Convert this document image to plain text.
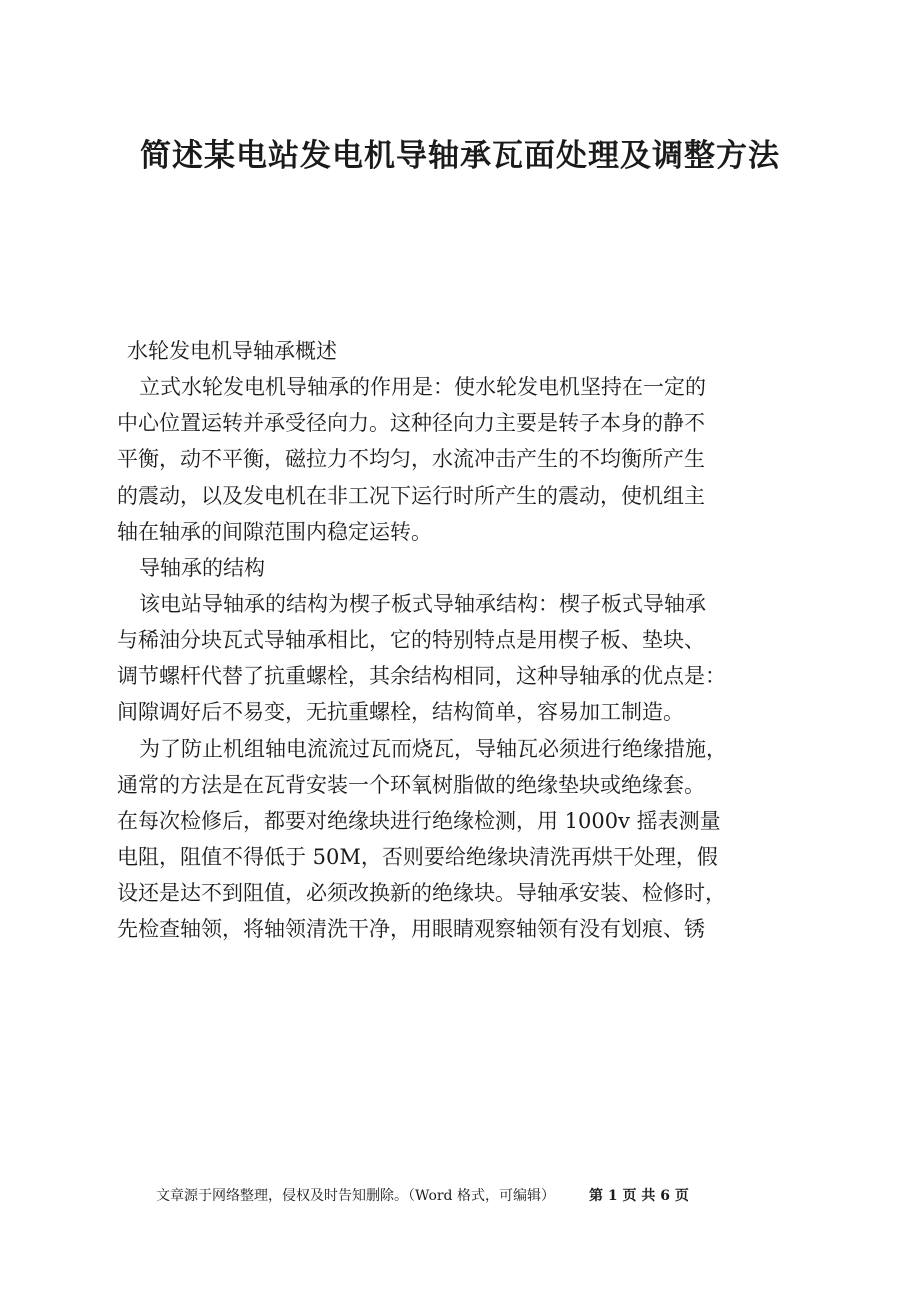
简述某电站发电机导轴承瓦面处理及调整方法
水轮发电机导轴承概述
立式水轮发电机导轴承的作用是：使水轮发电机坚持在一定的
中心位置运转并承受径向力。这种径向力主要是转子本身的静不
平衡，动不平衡，磁拉力不均匀，水流冲击产生的不均衡所产生
的震动，以及发电机在非工况下运行时所产生的震动，使机组主
轴在轴承的间隙范围内稳定运转。
导轴承的结构
该电站导轴承的结构为楔子板式导轴承结构：楔子板式导轴承
与稀油分块瓦式导轴承相比，它的特别特点是用楔子板、垫块、
调节螺杆代替了抗重螺栓，其余结构相同，这种导轴承的优点是：
间隙调好后不易变，无抗重螺栓，结构简单，容易加工制造。
为了防止机组轴电流流过瓦而烧瓦，导轴瓦必须进行绝缘措施，
通常的方法是在瓦背安装一个环氧树脂做的绝缘垫块或绝缘套。
在每次检修后，都要对绝缘块进行绝缘检测，用 1000v 摇表测量
电阻，阻值不得低于 50M，否则要给绝缘块清洗再烘干处理，假
设还是达不到阻值，必须改换新的绝缘块。导轴承安装、检修时，
先检查轴领，将轴领清洗干净，用眼睛观察轴领有没有划痕、锈
文章源于网络整理，侵权及时告知删除。（Word 格式，可编辑） 第 1 页 共 6 页
